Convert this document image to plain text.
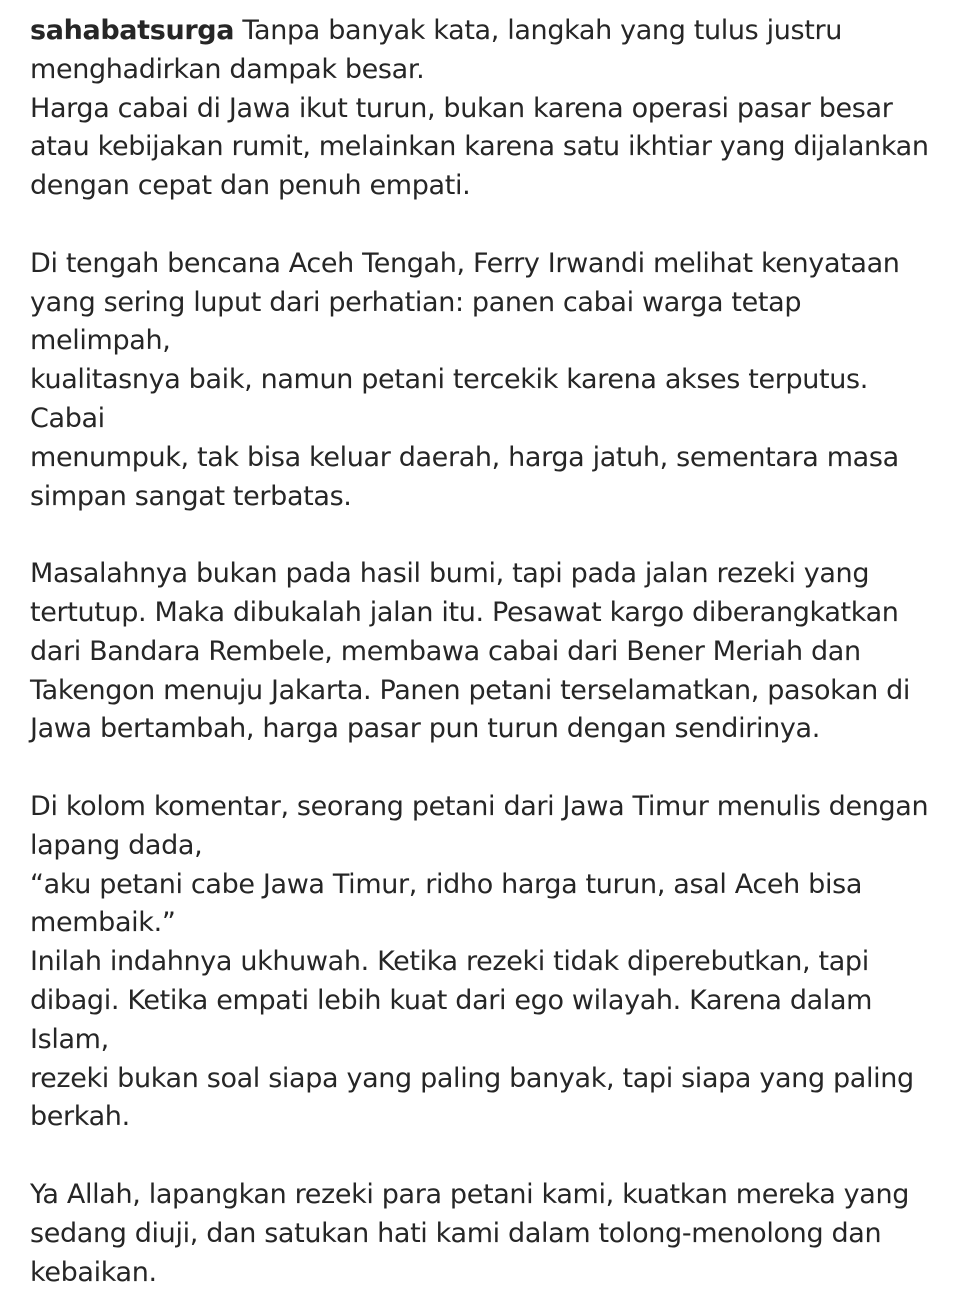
sahabatsurga Tanpa banyak kata, langkah yang tulus justru
menghadirkan dampak besar.
Harga cabai di Jawa ikut turun, bukan karena operasi pasar besar
atau kebijakan rumit, melainkan karena satu ikhtiar yang dijalankan
dengan cepat dan penuh empati.

Di tengah bencana Aceh Tengah, Ferry Irwandi melihat kenyataan
yang sering luput dari perhatian: panen cabai warga tetap melimpah,
kualitasnya baik, namun petani tercekik karena akses terputus. Cabai
menumpuk, tak bisa keluar daerah, harga jatuh, sementara masa
simpan sangat terbatas.

Masalahnya bukan pada hasil bumi, tapi pada jalan rezeki yang
tertutup. Maka dibukalah jalan itu. Pesawat kargo diberangkatkan
dari Bandara Rembele, membawa cabai dari Bener Meriah dan
Takengon menuju Jakarta. Panen petani terselamatkan, pasokan di
Jawa bertambah, harga pasar pun turun dengan sendirinya.

Di kolom komentar, seorang petani dari Jawa Timur menulis dengan
lapang dada,
“aku petani cabe Jawa Timur, ridho harga turun, asal Aceh bisa
membaik.”
Inilah indahnya ukhuwah. Ketika rezeki tidak diperebutkan, tapi
dibagi. Ketika empati lebih kuat dari ego wilayah. Karena dalam Islam,
rezeki bukan soal siapa yang paling banyak, tapi siapa yang paling
berkah.

Ya Allah, lapangkan rezeki para petani kami, kuatkan mereka yang
sedang diuji, dan satukan hati kami dalam tolong-menolong dan
kebaikan.
